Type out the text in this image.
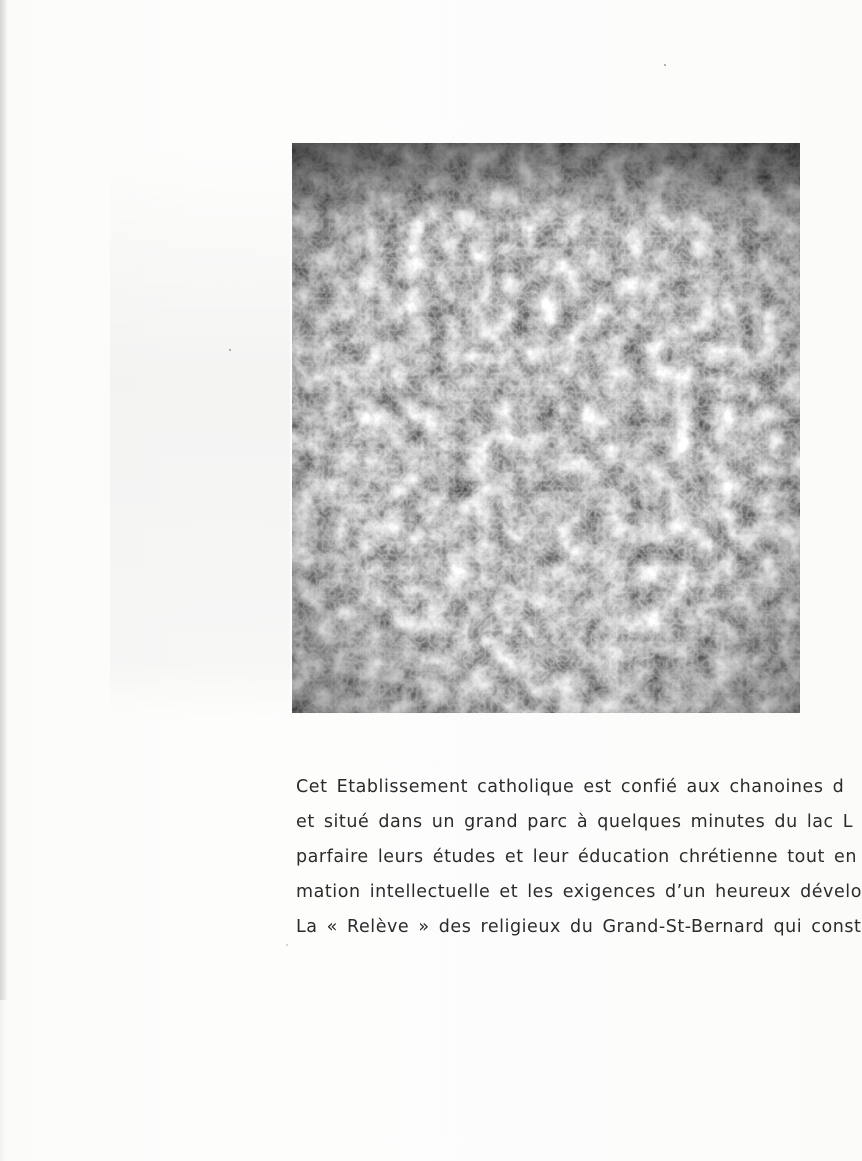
Cet Etablissement catholique est confié aux chanoines d
et situé dans un grand parc à quelques minutes du lac L
parfaire leurs études et leur éducation chrétienne tout en
mation intellectuelle et les exigences d’un heureux dévelo
La « Relève » des religieux du Grand-St-Bernard qui const
